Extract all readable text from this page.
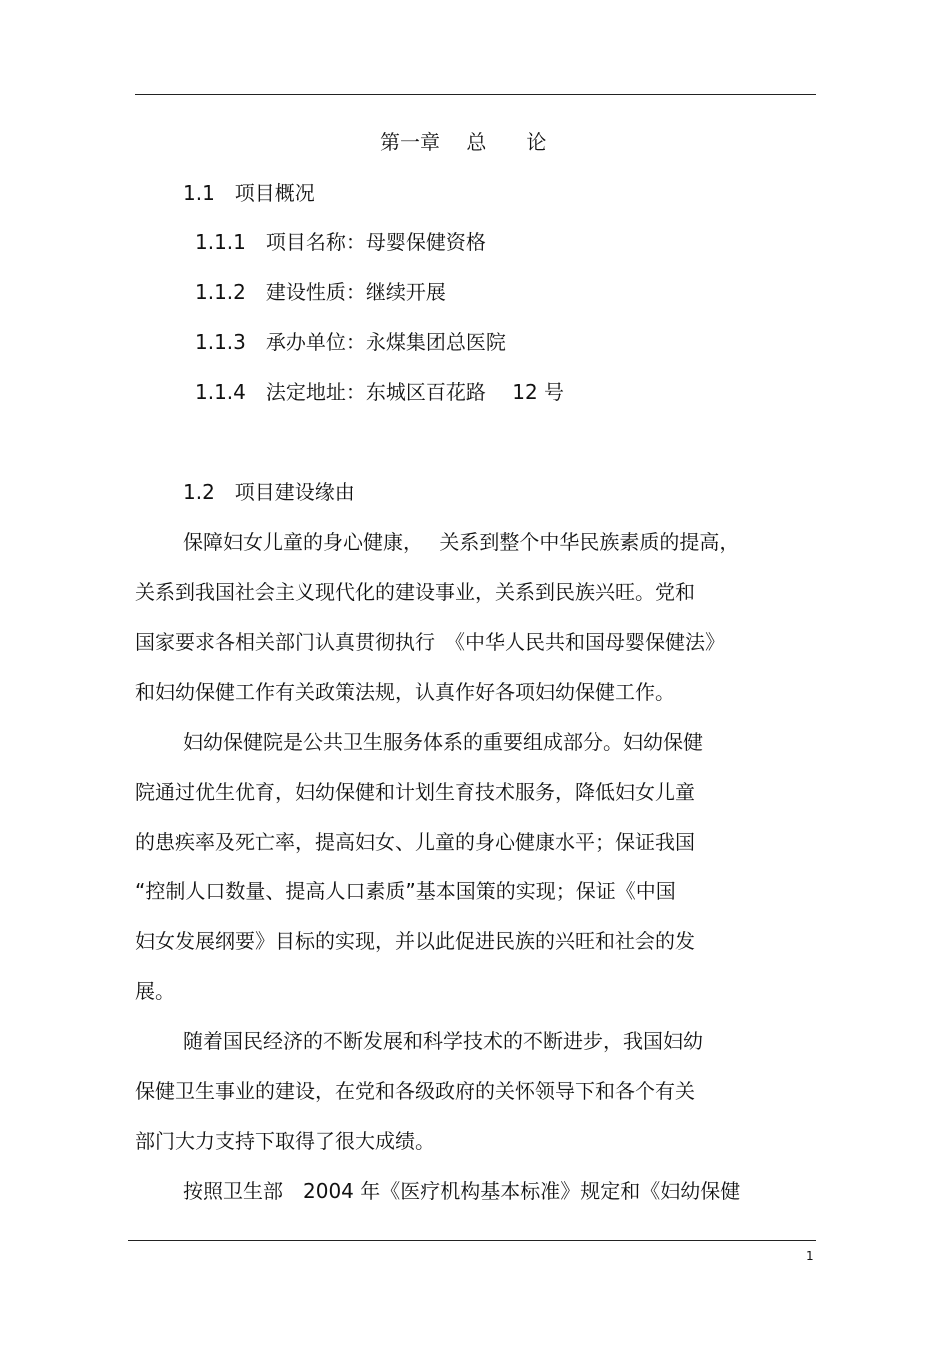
第一章　 总　　论
1.1　项目概况
1.1.1　项目名称：母婴保健资格
1.1.2　建设性质：继续开展
1.1.3　承办单位：永煤集团总医院
1.1.4　法定地址：东城区百花路　 12 号
1.2　项目建设缘由
保障妇女儿童的身心健康，　 关系到整个中华民族素质的提高，
关系到我国社会主义现代化的建设事业，关系到民族兴旺。党和
国家要求各相关部门认真贯彻执行　《中华人民共和国母婴保健法》
和妇幼保健工作有关政策法规，认真作好各项妇幼保健工作。
妇幼保健院是公共卫生服务体系的重要组成部分。妇幼保健
院通过优生优育，妇幼保健和计划生育技术服务，降低妇女儿童
的患疾率及死亡率，提高妇女、儿童的身心健康水平；保证我国
“控制人口数量、提高人口素质”基本国策的实现；保证《中国
妇女发展纲要》目标的实现，并以此促进民族的兴旺和社会的发
展。
随着国民经济的不断发展和科学技术的不断进步，我国妇幼
保健卫生事业的建设，在党和各级政府的关怀领导下和各个有关
部门大力支持下取得了很大成绩。
按照卫生部　2004 年《医疗机构基本标准》规定和《妇幼保健
1
